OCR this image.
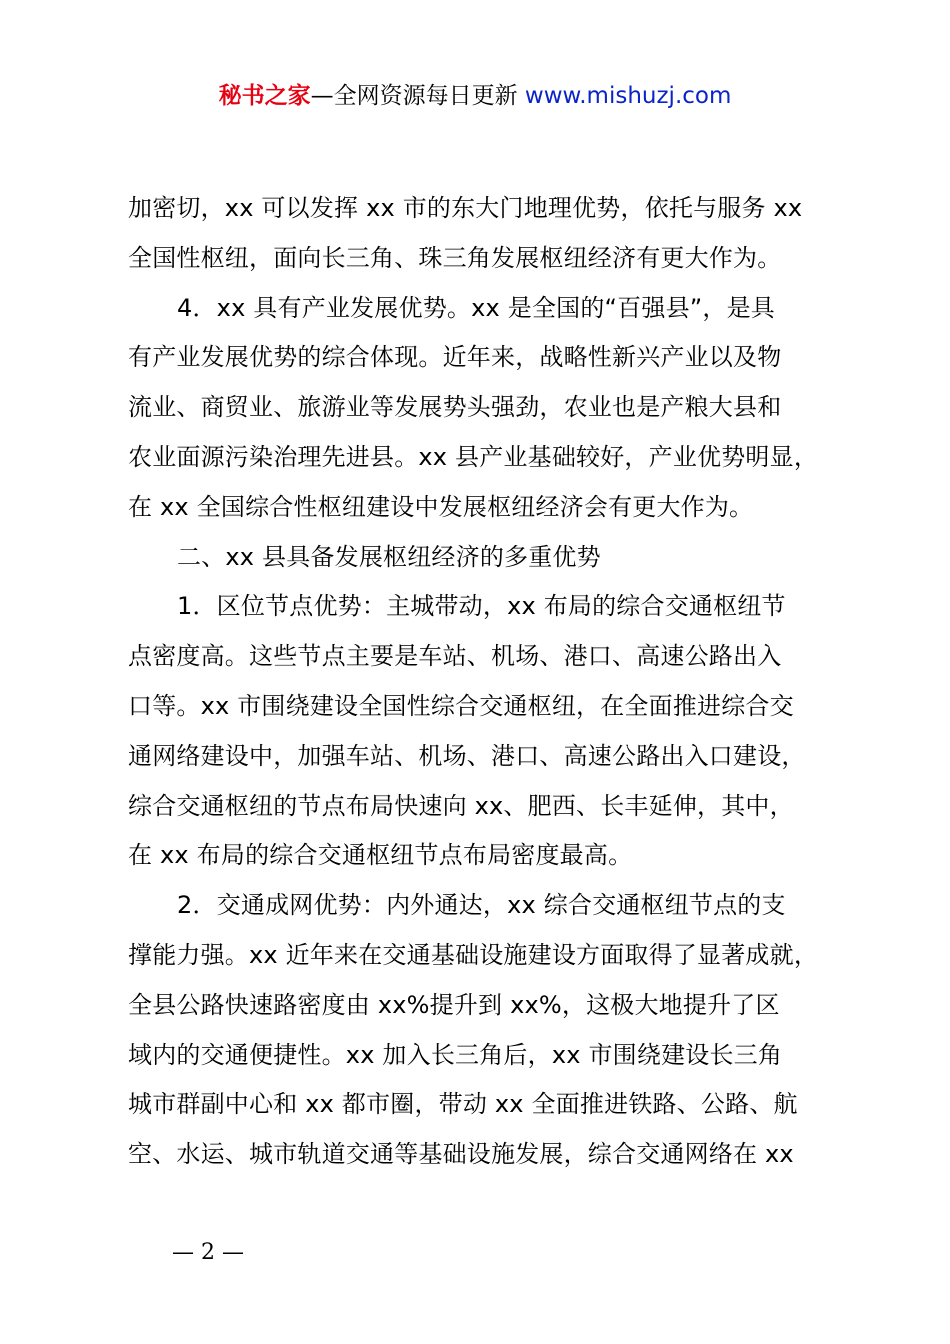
秘书之家—全网资源每日更新 www.mishuzj.com
加密切，xx 可以发挥 xx 市的东大门地理优势，依托与服务 xx
全国性枢纽，面向长三角、珠三角发展枢纽经济有更大作为。
4．xx 具有产业发展优势。xx 是全国的“百强县”，是具
有产业发展优势的综合体现。近年来，战略性新兴产业以及物
流业、商贸业、旅游业等发展势头强劲，农业也是产粮大县和
农业面源污染治理先进县。xx 县产业基础较好，产业优势明显，
在 xx 全国综合性枢纽建设中发展枢纽经济会有更大作为。
二、xx 县具备发展枢纽经济的多重优势
1．区位节点优势：主城带动，xx 布局的综合交通枢纽节
点密度高。这些节点主要是车站、机场、港口、高速公路出入
口等。xx 市围绕建设全国性综合交通枢纽，在全面推进综合交
通网络建设中，加强车站、机场、港口、高速公路出入口建设，
综合交通枢纽的节点布局快速向 xx、肥西、长丰延伸，其中，
在 xx 布局的综合交通枢纽节点布局密度最高。
2．交通成网优势：内外通达，xx 综合交通枢纽节点的支
撑能力强。xx 近年来在交通基础设施建设方面取得了显著成就，
全县公路快速路密度由 xx%提升到 xx%，这极大地提升了区
域内的交通便捷性。xx 加入长三角后，xx 市围绕建设长三角
城市群副中心和 xx 都市圈，带动 xx 全面推进铁路、公路、航
空、水运、城市轨道交通等基础设施发展，综合交通网络在 xx
— 2 —
